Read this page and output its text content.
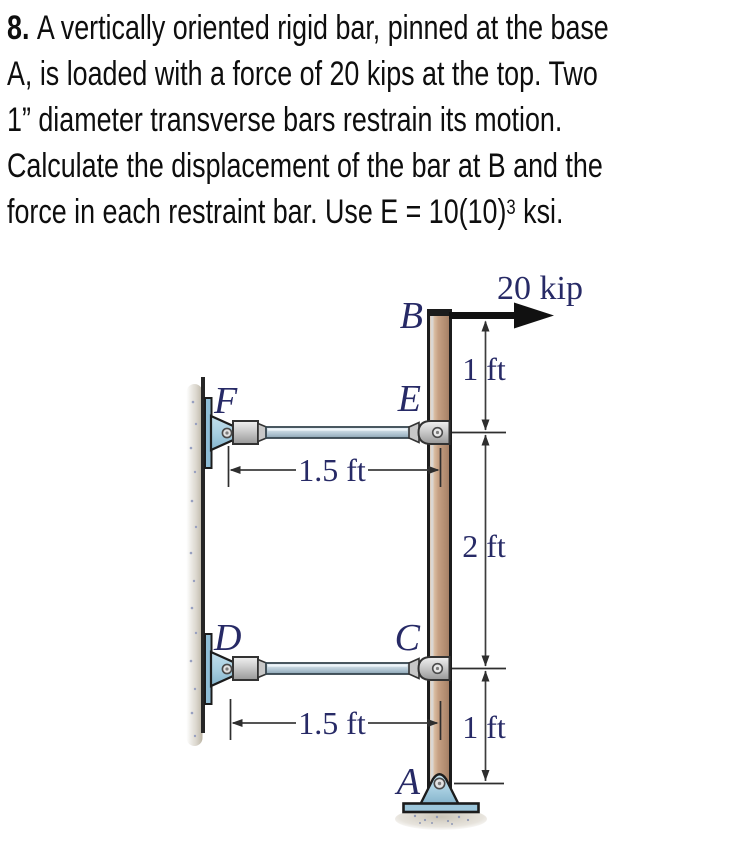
8. A vertically oriented rigid bar, pinned at the base
A, is loaded with a force of 20 kips at the top. Two
1” diameter transverse bars restrain its motion.
Calculate the displacement of the bar at B and the
force in each restraint bar. Use $E = 10(10)^3$ ksi.
20 kip
1 ft
2 ft
1 ft
1.5 ft
1.5 ft
B
E
F
C
D
A
